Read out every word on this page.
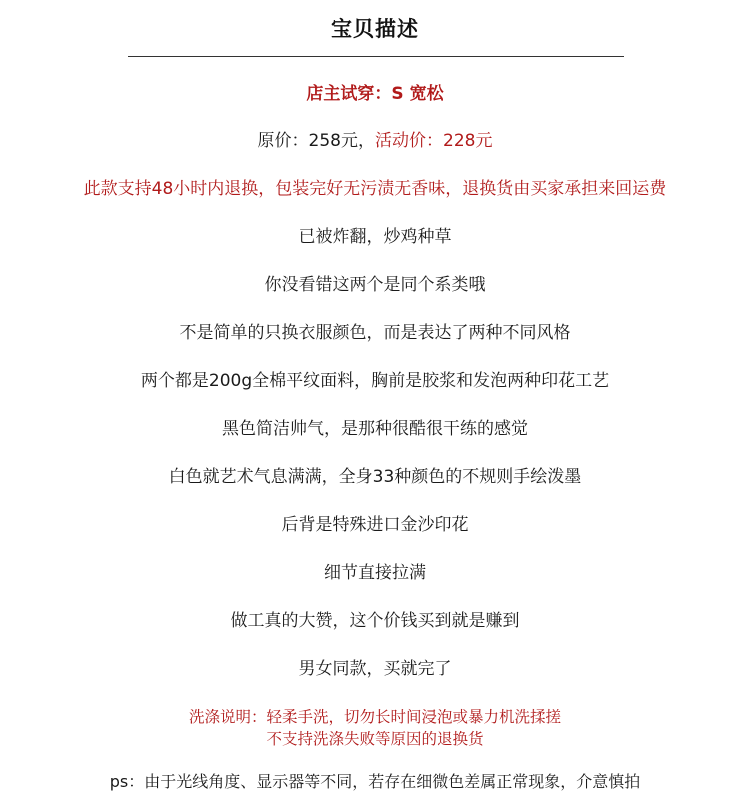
宝贝描述
店主试穿：S 宽松
原价：258元，活动价：228元
此款支持48小时内退换，包装完好无污渍无香味，退换货由买家承担来回运费
已被炸翻，炒鸡种草
你没看错这两个是同个系类哦
不是简单的只换衣服颜色，而是表达了两种不同风格
两个都是200g全棉平纹面料，胸前是胶浆和发泡两种印花工艺
黑色简洁帅气，是那种很酷很干练的感觉
白色就艺术气息满满，全身33种颜色的不规则手绘泼墨
后背是特殊进口金沙印花
细节直接拉满
做工真的大赞，这个价钱买到就是赚到
男女同款，买就完了
洗涤说明：轻柔手洗，切勿长时间浸泡或暴力机洗揉搓
不支持洗涤失败等原因的退换货
ps：由于光线角度、显示器等不同，若存在细微色差属正常现象，介意慎拍
